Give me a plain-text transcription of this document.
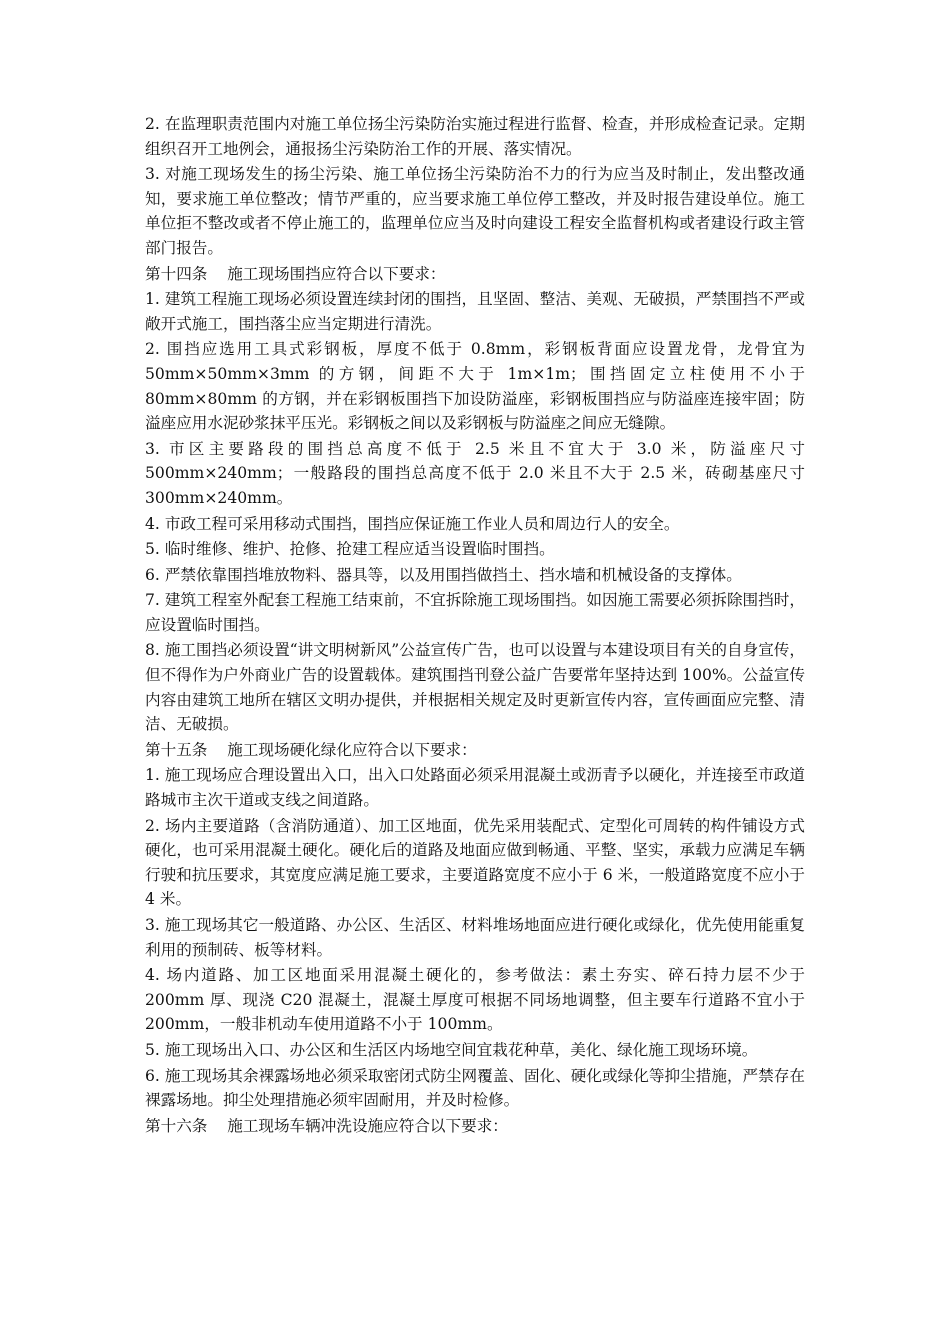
2. 在监理职责范围内对施工单位扬尘污染防治实施过程进行监督、检查，并形成检查记录。定期组织召开工地例会，通报扬尘污染防治工作的开展、落实情况。

3. 对施工现场发生的扬尘污染、施工单位扬尘污染防治不力的行为应当及时制止，发出整改通知，要求施工单位整改；情节严重的，应当要求施工单位停工整改，并及时报告建设单位。施工单位拒不整改或者不停止施工的，监理单位应当及时向建设工程安全监督机构或者建设行政主管部门报告。

第十四条    施工现场围挡应符合以下要求：

1. 建筑工程施工现场必须设置连续封闭的围挡，且坚固、整洁、美观、无破损，严禁围挡不严或敞开式施工，围挡落尘应当定期进行清洗。

2. 围挡应选用工具式彩钢板，厚度不低于 0.8mm，彩钢板背面应设置龙骨，龙骨宜为 50mm×50mm×3mm 的方钢，间距不大于 1m×1m；围挡固定立柱使用不小于 80mm×80mm 的方钢，并在彩钢板围挡下加设防溢座，彩钢板围挡应与防溢座连接牢固；防溢座应用水泥砂浆抹平压光。彩钢板之间以及彩钢板与防溢座之间应无缝隙。

3. 市区主要路段的围挡总高度不低于 2.5 米且不宜大于 3.0 米，防溢座尺寸 500mm×240mm；一般路段的围挡总高度不低于 2.0 米且不大于 2.5 米，砖砌基座尺寸 300mm×240mm。

4. 市政工程可采用移动式围挡，围挡应保证施工作业人员和周边行人的安全。

5. 临时维修、维护、抢修、抢建工程应适当设置临时围挡。

6. 严禁依靠围挡堆放物料、器具等，以及用围挡做挡土、挡水墙和机械设备的支撑体。

7. 建筑工程室外配套工程施工结束前，不宜拆除施工现场围挡。如因施工需要必须拆除围挡时，应设置临时围挡。

8. 施工围挡必须设置“讲文明树新风”公益宣传广告，也可以设置与本建设项目有关的自身宣传，但不得作为户外商业广告的设置载体。建筑围挡刊登公益广告要常年坚持达到 100%。公益宣传内容由建筑工地所在辖区文明办提供，并根据相关规定及时更新宣传内容，宣传画面应完整、清洁、无破损。

第十五条    施工现场硬化绿化应符合以下要求：

1. 施工现场应合理设置出入口，出入口处路面必须采用混凝土或沥青予以硬化，并连接至市政道路城市主次干道或支线之间道路。

2. 场内主要道路（含消防通道）、加工区地面，优先采用装配式、定型化可周转的构件铺设方式硬化，也可采用混凝土硬化。硬化后的道路及地面应做到畅通、平整、坚实，承载力应满足车辆行驶和抗压要求，其宽度应满足施工要求，主要道路宽度不应小于 6 米，一般道路宽度不应小于 4 米。

3. 施工现场其它一般道路、办公区、生活区、材料堆场地面应进行硬化或绿化，优先使用能重复利用的预制砖、板等材料。

4. 场内道路、加工区地面采用混凝土硬化的，参考做法：素土夯实、碎石持力层不少于 200mm 厚、现浇 C20 混凝土，混凝土厚度可根据不同场地调整，但主要车行道路不宜小于 200mm，一般非机动车使用道路不小于 100mm。

5. 施工现场出入口、办公区和生活区内场地空间宜栽花种草，美化、绿化施工现场环境。

6. 施工现场其余裸露场地必须采取密闭式防尘网覆盖、固化、硬化或绿化等抑尘措施，严禁存在裸露场地。抑尘处理措施必须牢固耐用，并及时检修。

第十六条    施工现场车辆冲洗设施应符合以下要求：
